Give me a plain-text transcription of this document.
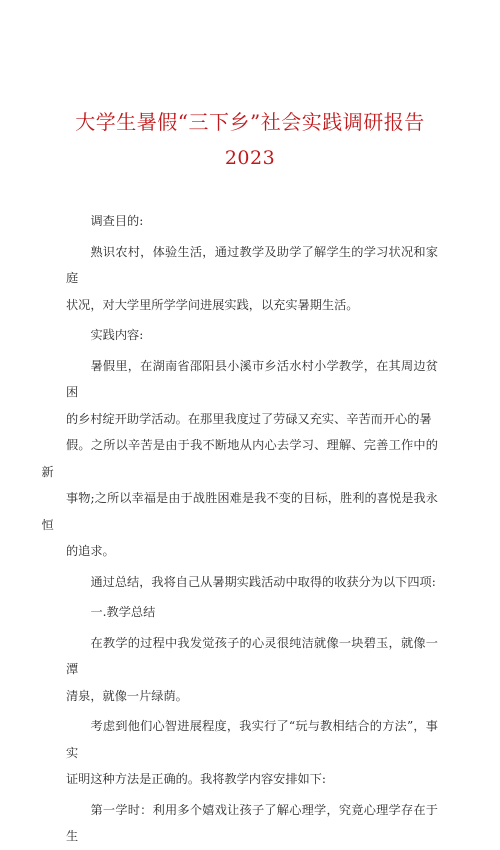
大学生暑假“三下乡”社会实践调研报告
2023

调查目的:

熟识农村，体验生活，通过教学及助学了解学生的学习状况和家庭
状况，对大学里所学学问进展实践，以充实暑期生活。

实践内容:

暑假里，在湖南省邵阳县小溪市乡活水村小学教学，在其周边贫困
的乡村绽开助学活动。在那里我度过了劳碌又充实、辛苦而开心的暑
假。之所以辛苦是由于我不断地从内心去学习、理解、完善工作中的新
事物;之所以幸福是由于战胜困难是我不变的目标，胜利的喜悦是我永恒
的追求。

通过总结，我将自己从暑期实践活动中取得的收获分为以下四项:

一.教学总结

在教学的过程中我发觉孩子的心灵很纯洁就像一块碧玉，就像一潭
清泉，就像一片绿荫。

考虑到他们心智进展程度，我实行了“玩与教相结合的方法”，事实
证明这种方法是正确的。我将教学内容安排如下:

第一学时：利用多个嬉戏让孩子了解心理学，究竟心理学存在于生
